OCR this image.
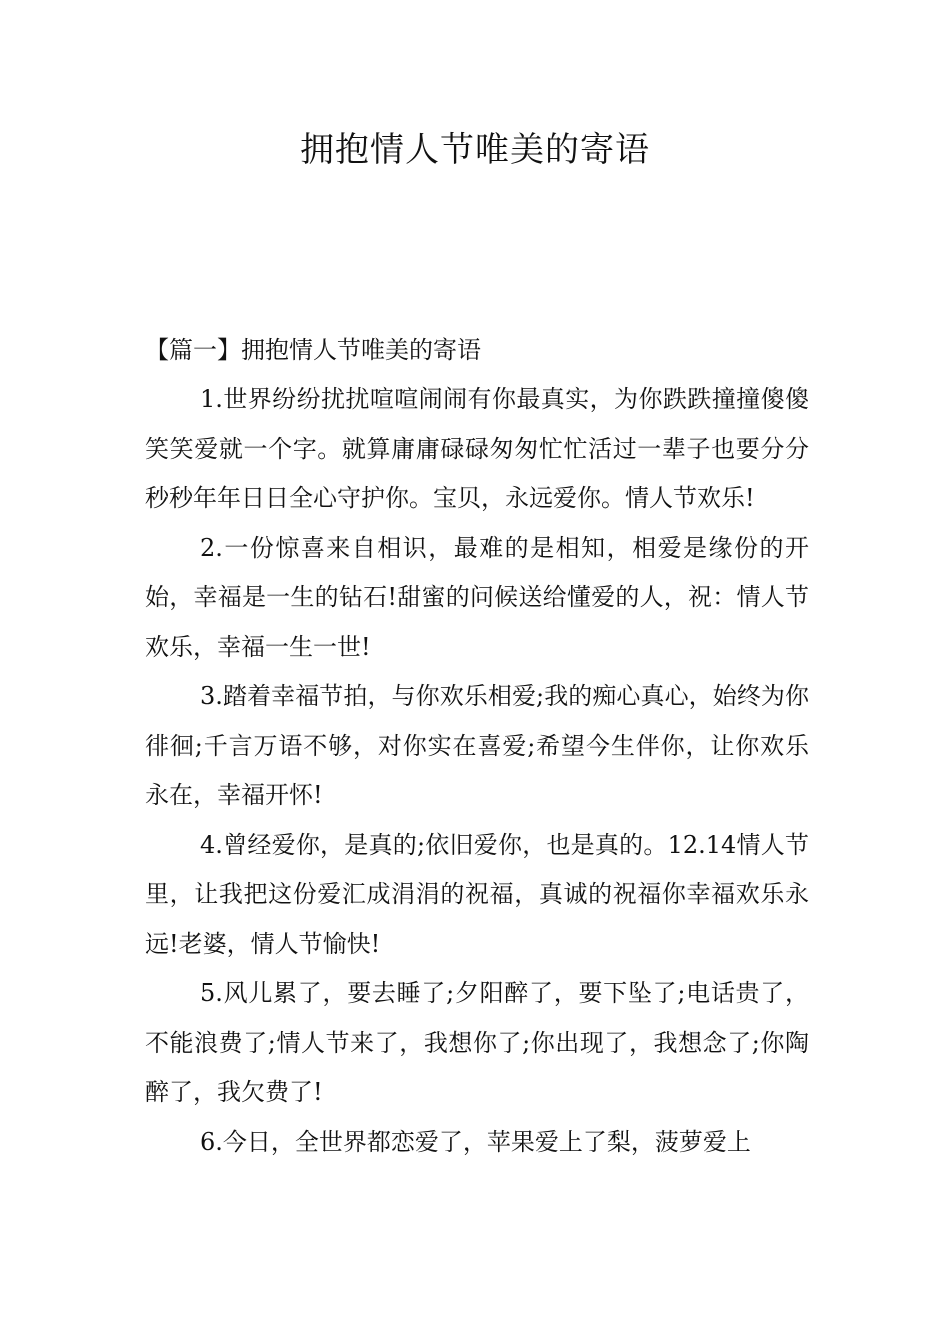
拥抱情人节唯美的寄语

【篇一】拥抱情人节唯美的寄语

1.世界纷纷扰扰喧喧闹闹有你最真实，为你跌跌撞撞傻傻笑笑爱就一个字。就算庸庸碌碌匆匆忙忙活过一辈子也要分分秒秒年年日日全心守护你。宝贝，永远爱你。情人节欢乐!

2.一份惊喜来自相识，最难的是相知，相爱是缘份的开始，幸福是一生的钻石!甜蜜的问候送给懂爱的人，祝：情人节欢乐，幸福一生一世!

3.踏着幸福节拍，与你欢乐相爱;我的痴心真心，始终为你徘徊;千言万语不够，对你实在喜爱;希望今生伴你，让你欢乐永在，幸福开怀!

4.曾经爱你，是真的;依旧爱你，也是真的。12.14情人节里，让我把这份爱汇成涓涓的祝福，真诚的祝福你幸福欢乐永远!老婆，情人节愉快!

5.风儿累了，要去睡了;夕阳醉了，要下坠了;电话贵了，不能浪费了;情人节来了，我想你了;你出现了，我想念了;你陶醉了，我欠费了!

6.今日，全世界都恋爱了，苹果爱上了梨，菠萝爱上
